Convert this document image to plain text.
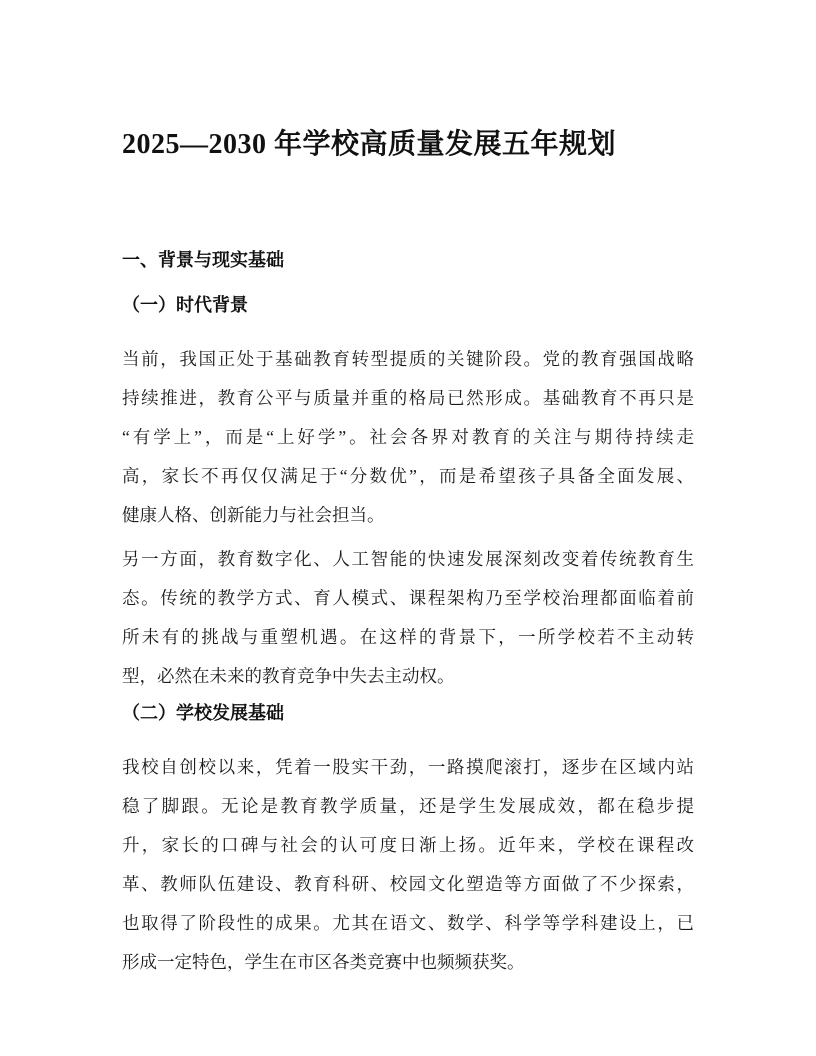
2025—2030 年学校高质量发展五年规划
一、背景与现实基础
（一）时代背景
当前，我国正处于基础教育转型提质的关键阶段。党的教育强国战略
持续推进，教育公平与质量并重的格局已然形成。基础教育不再只是
“有学上”，而是“上好学”。社会各界对教育的关注与期待持续走
高，家长不再仅仅满足于“分数优”，而是希望孩子具备全面发展、
健康人格、创新能力与社会担当。
另一方面，教育数字化、人工智能的快速发展深刻改变着传统教育生
态。传统的教学方式、育人模式、课程架构乃至学校治理都面临着前
所未有的挑战与重塑机遇。在这样的背景下，一所学校若不主动转
型，必然在未来的教育竞争中失去主动权。
（二）学校发展基础
我校自创校以来，凭着一股实干劲，一路摸爬滚打，逐步在区域内站
稳了脚跟。无论是教育教学质量，还是学生发展成效，都在稳步提
升，家长的口碑与社会的认可度日渐上扬。近年来，学校在课程改
革、教师队伍建设、教育科研、校园文化塑造等方面做了不少探索，
也取得了阶段性的成果。尤其在语文、数学、科学等学科建设上，已
形成一定特色，学生在市区各类竞赛中也频频获奖。
